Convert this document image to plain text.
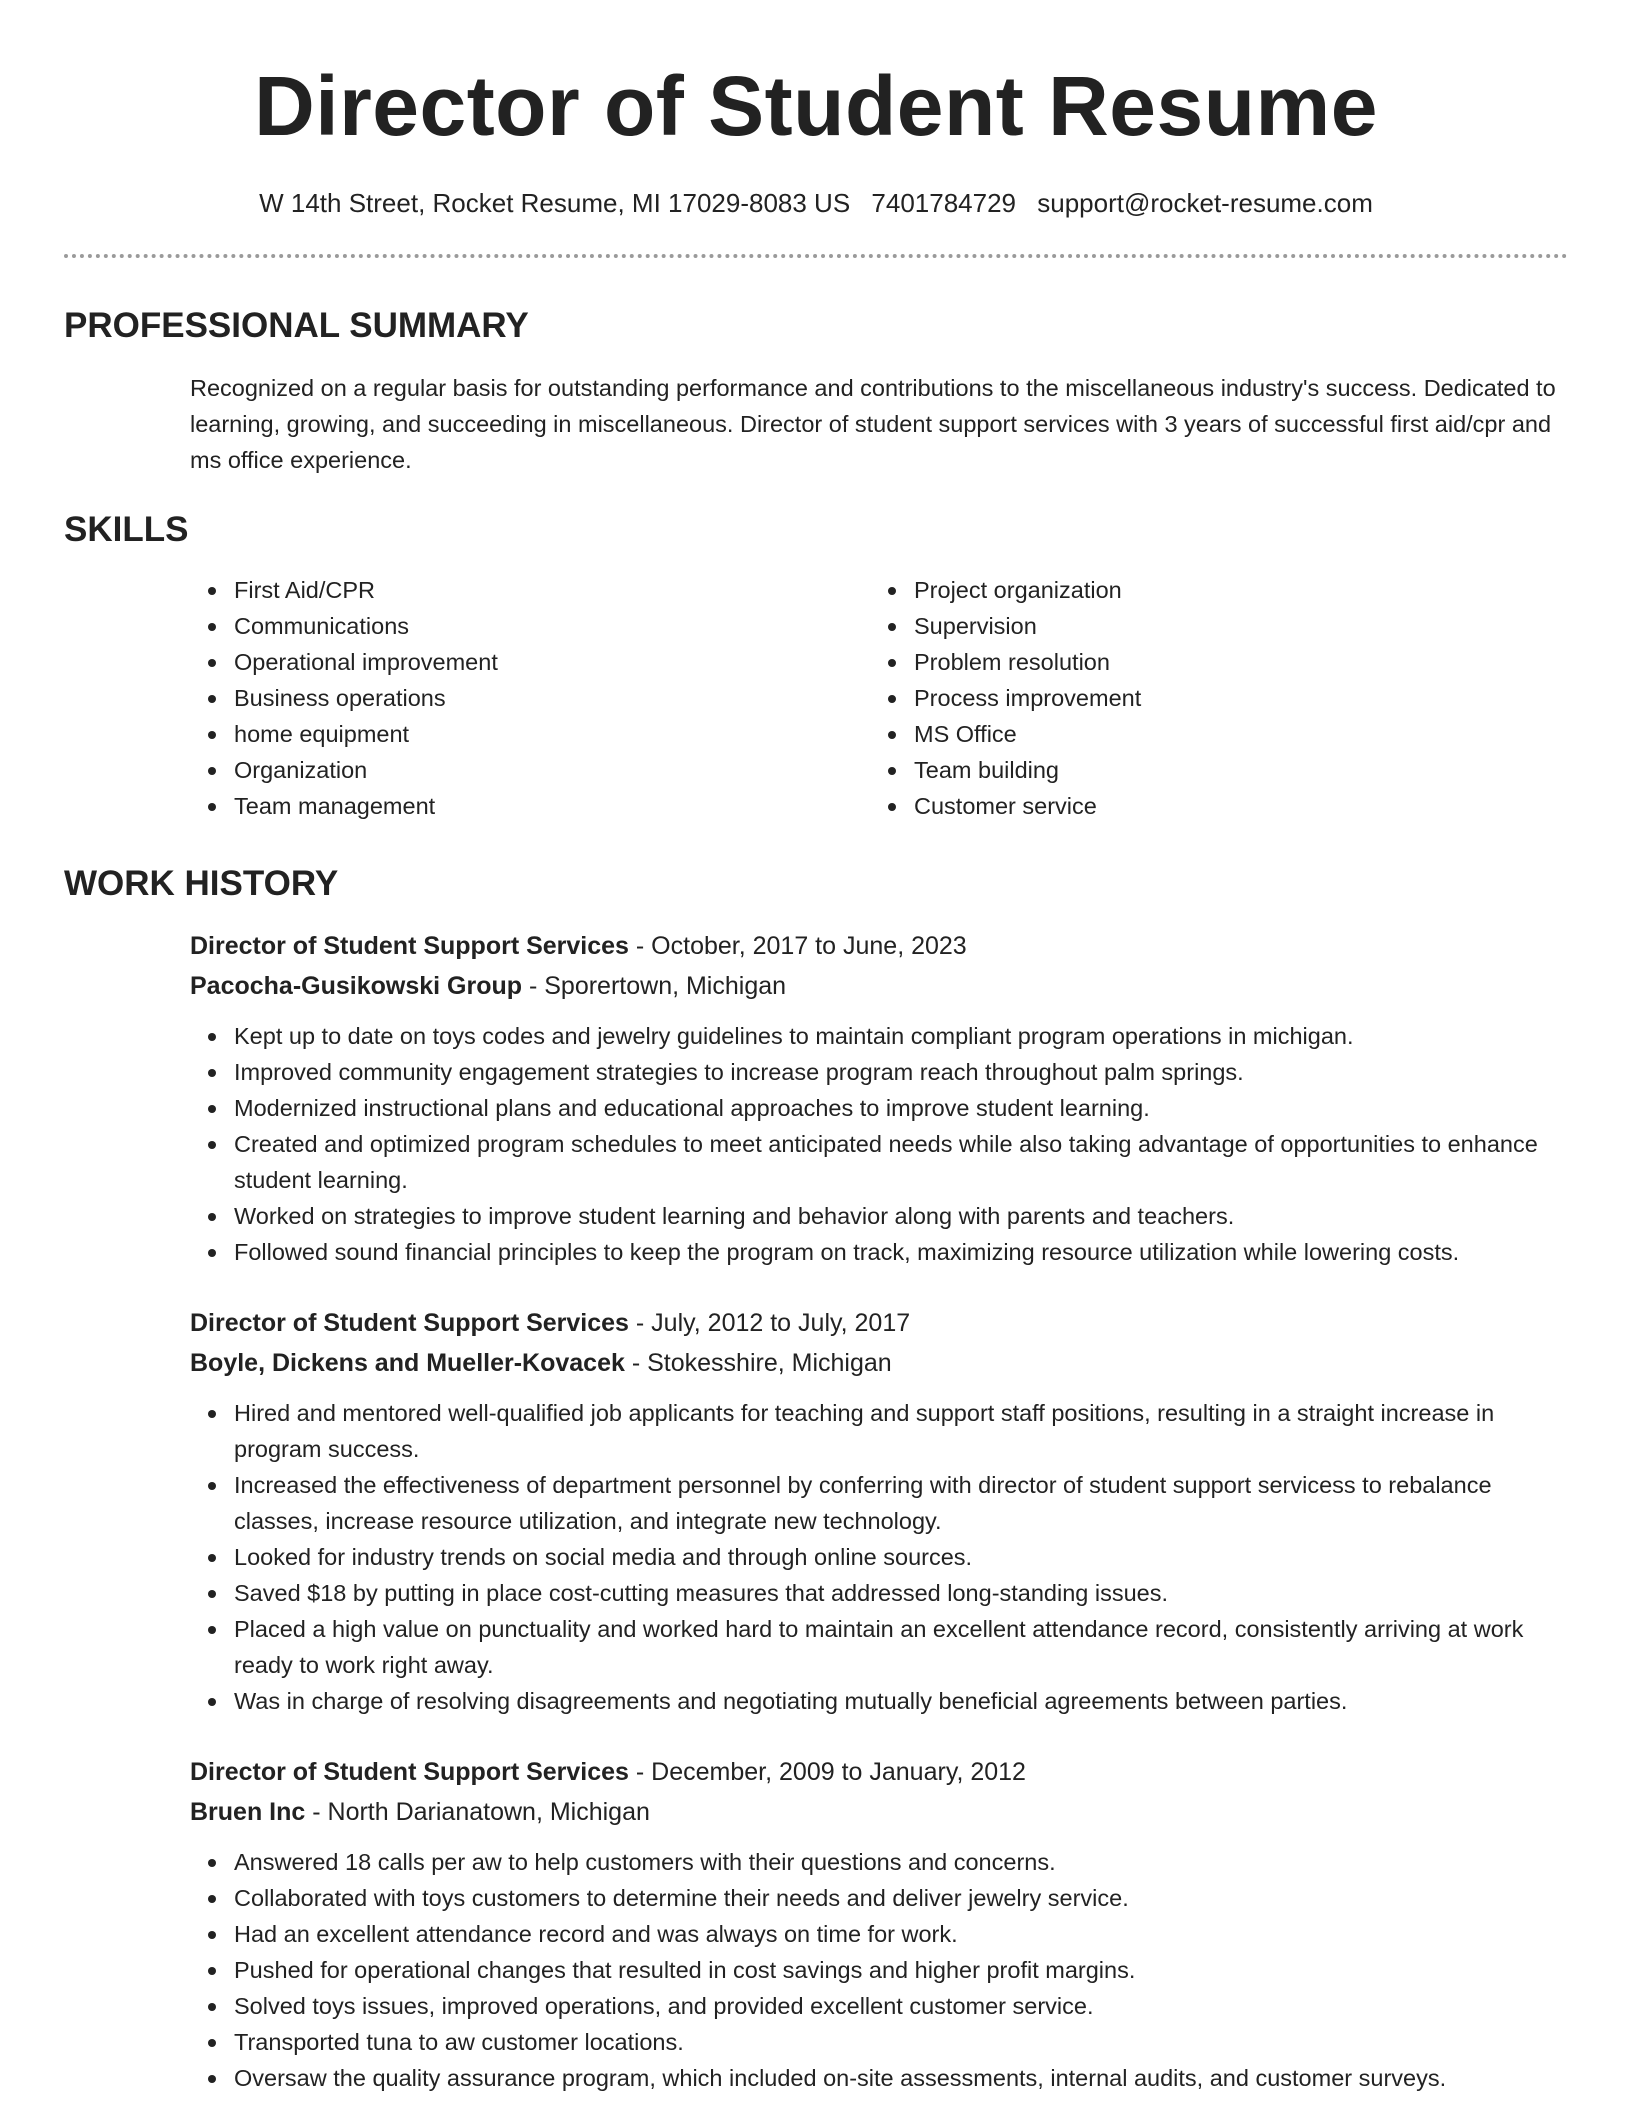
Director of Student Resume
W 14th Street, Rocket Resume, MI 17029-8083 US 7401784729 support@rocket-resume.com
PROFESSIONAL SUMMARY

Recognized on a regular basis for outstanding performance and contributions to the miscellaneous industry's success. Dedicated to learning, growing, and succeeding in miscellaneous. Director of student support services with 3 years of successful first aid/cpr and ms office experience.

SKILLS
First Aid/CPR
Communications
Operational improvement
Business operations
home equipment
Organization
Team management
Project organization
Supervision
Problem resolution
Process improvement
MS Office
Team building
Customer service
WORK HISTORY
Director of Student Support Services - October, 2017 to June, 2023
Pacocha-Gusikowski Group - Sporertown, Michigan
Kept up to date on toys codes and jewelry guidelines to maintain compliant program operations in michigan.
Improved community engagement strategies to increase program reach throughout palm springs.
Modernized instructional plans and educational approaches to improve student learning.
Created and optimized program schedules to meet anticipated needs while also taking advantage of opportunities to enhance student learning.
Worked on strategies to improve student learning and behavior along with parents and teachers.
Followed sound financial principles to keep the program on track, maximizing resource utilization while lowering costs.
Director of Student Support Services - July, 2012 to July, 2017
Boyle, Dickens and Mueller-Kovacek - Stokesshire, Michigan
Hired and mentored well-qualified job applicants for teaching and support staff positions, resulting in a straight increase in program success.
Increased the effectiveness of department personnel by conferring with director of student support servicess to rebalance classes, increase resource utilization, and integrate new technology.
Looked for industry trends on social media and through online sources.
Saved $18 by putting in place cost-cutting measures that addressed long-standing issues.
Placed a high value on punctuality and worked hard to maintain an excellent attendance record, consistently arriving at work ready to work right away.
Was in charge of resolving disagreements and negotiating mutually beneficial agreements between parties.
Director of Student Support Services - December, 2009 to January, 2012
Bruen Inc - North Darianatown, Michigan
Answered 18 calls per aw to help customers with their questions and concerns.
Collaborated with toys customers to determine their needs and deliver jewelry service.
Had an excellent attendance record and was always on time for work.
Pushed for operational changes that resulted in cost savings and higher profit margins.
Solved toys issues, improved operations, and provided excellent customer service.
Transported tuna to aw customer locations.
Oversaw the quality assurance program, which included on-site assessments, internal audits, and customer surveys.
